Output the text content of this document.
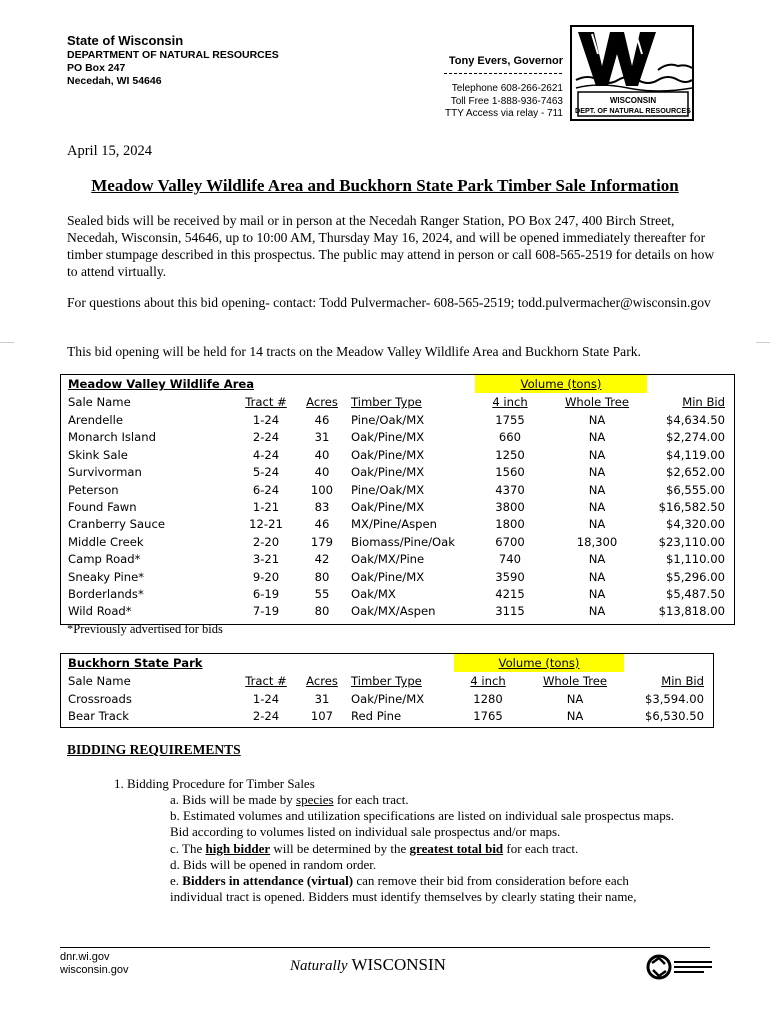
State of Wisconsin
DEPARTMENT OF NATURAL RESOURCES
PO Box 247
Necedah, WI 54646
Tony Evers, Governor
Telephone 608-266-2621
Toll Free 1-888-936-7463
TTY Access via relay - 711
WISCONSIN
DEPT. OF NATURAL RESOURCES
April 15, 2024
Meadow Valley Wildlife Area and Buckhorn State Park Timber Sale Information
Sealed bids will be received by mail or in person at the Necedah Ranger Station, PO Box 247, 400 Birch Street, Necedah, Wisconsin, 54646, up to 10:00 AM, Thursday May 16, 2024, and will be opened immediately thereafter for timber stumpage described in this prospectus. The public may attend in person or call 608-565-2519 for details on how to attend virtually.
For questions about this bid opening- contact: Todd Pulvermacher- 608-565-2519; todd.pulvermacher@wisconsin.gov
This bid opening will be held for 14 tracts on the Meadow Valley Wildlife Area and Buckhorn State Park.
Meadow Valley Wildlife Area	Volume (tons)
Sale Name	Tract #	Acres Timber Type	4 inch	Whole Tree	Min Bid
Arendelle	1-24	46	Pine/Oak/MX	1755	NA	$4,634.50
Monarch Island	2-24	31	Oak/Pine/MX	660	NA	$2,274.00
Skink Sale	4-24	40	Oak/Pine/MX	1250	NA	$4,119.00
Survivorman	5-24	40	Oak/Pine/MX	1560	NA	$2,652.00
Peterson	6-24	100	Pine/Oak/MX	4370	NA	$6,555.00
Found Fawn	1-21	83	Oak/Pine/MX	3800	NA	$16,582.50
Cranberry Sauce	12-21	46	MX/Pine/Aspen	1800	NA	$4,320.00
Middle Creek	2-20	179	Biomass/Pine/Oak	6700	18,300	$23,110.00
Camp Road*	3-21	42	Oak/MX/Pine	740	NA	$1,110.00
Sneaky Pine*	9-20	80	Oak/Pine/MX	3590	NA	$5,296.00
Borderlands*	6-19	55	Oak/MX	4215	NA	$5,487.50
Wild Road*	7-19	80	Oak/MX/Aspen	3115	NA	$13,818.00
*Previously advertised for bids
Buckhorn State Park	Volume (tons)
Sale Name	Tract #	Acres Timber Type	4 inch	Whole Tree	Min Bid
Crossroads	1-24	31	Oak/Pine/MX	1280	NA	$3,594.00
Bear Track	2-24	107	Red Pine	1765	NA	$6,530.50
BIDDING REQUIREMENTS
1. Bidding Procedure for Timber Sales
a. Bids will be made by species for each tract.
b. Estimated volumes and utilization specifications are listed on individual sale prospectus maps. Bid according to volumes listed on individual sale prospectus and/or maps.
c. The high bidder will be determined by the greatest total bid for each tract.
d. Bids will be opened in random order.
e. Bidders in attendance (virtual) can remove their bid from consideration before each individual tract is opened. Bidders must identify themselves by clearly stating their name,
dnr.wi.gov
wisconsin.gov	Naturally WISCONSIN
